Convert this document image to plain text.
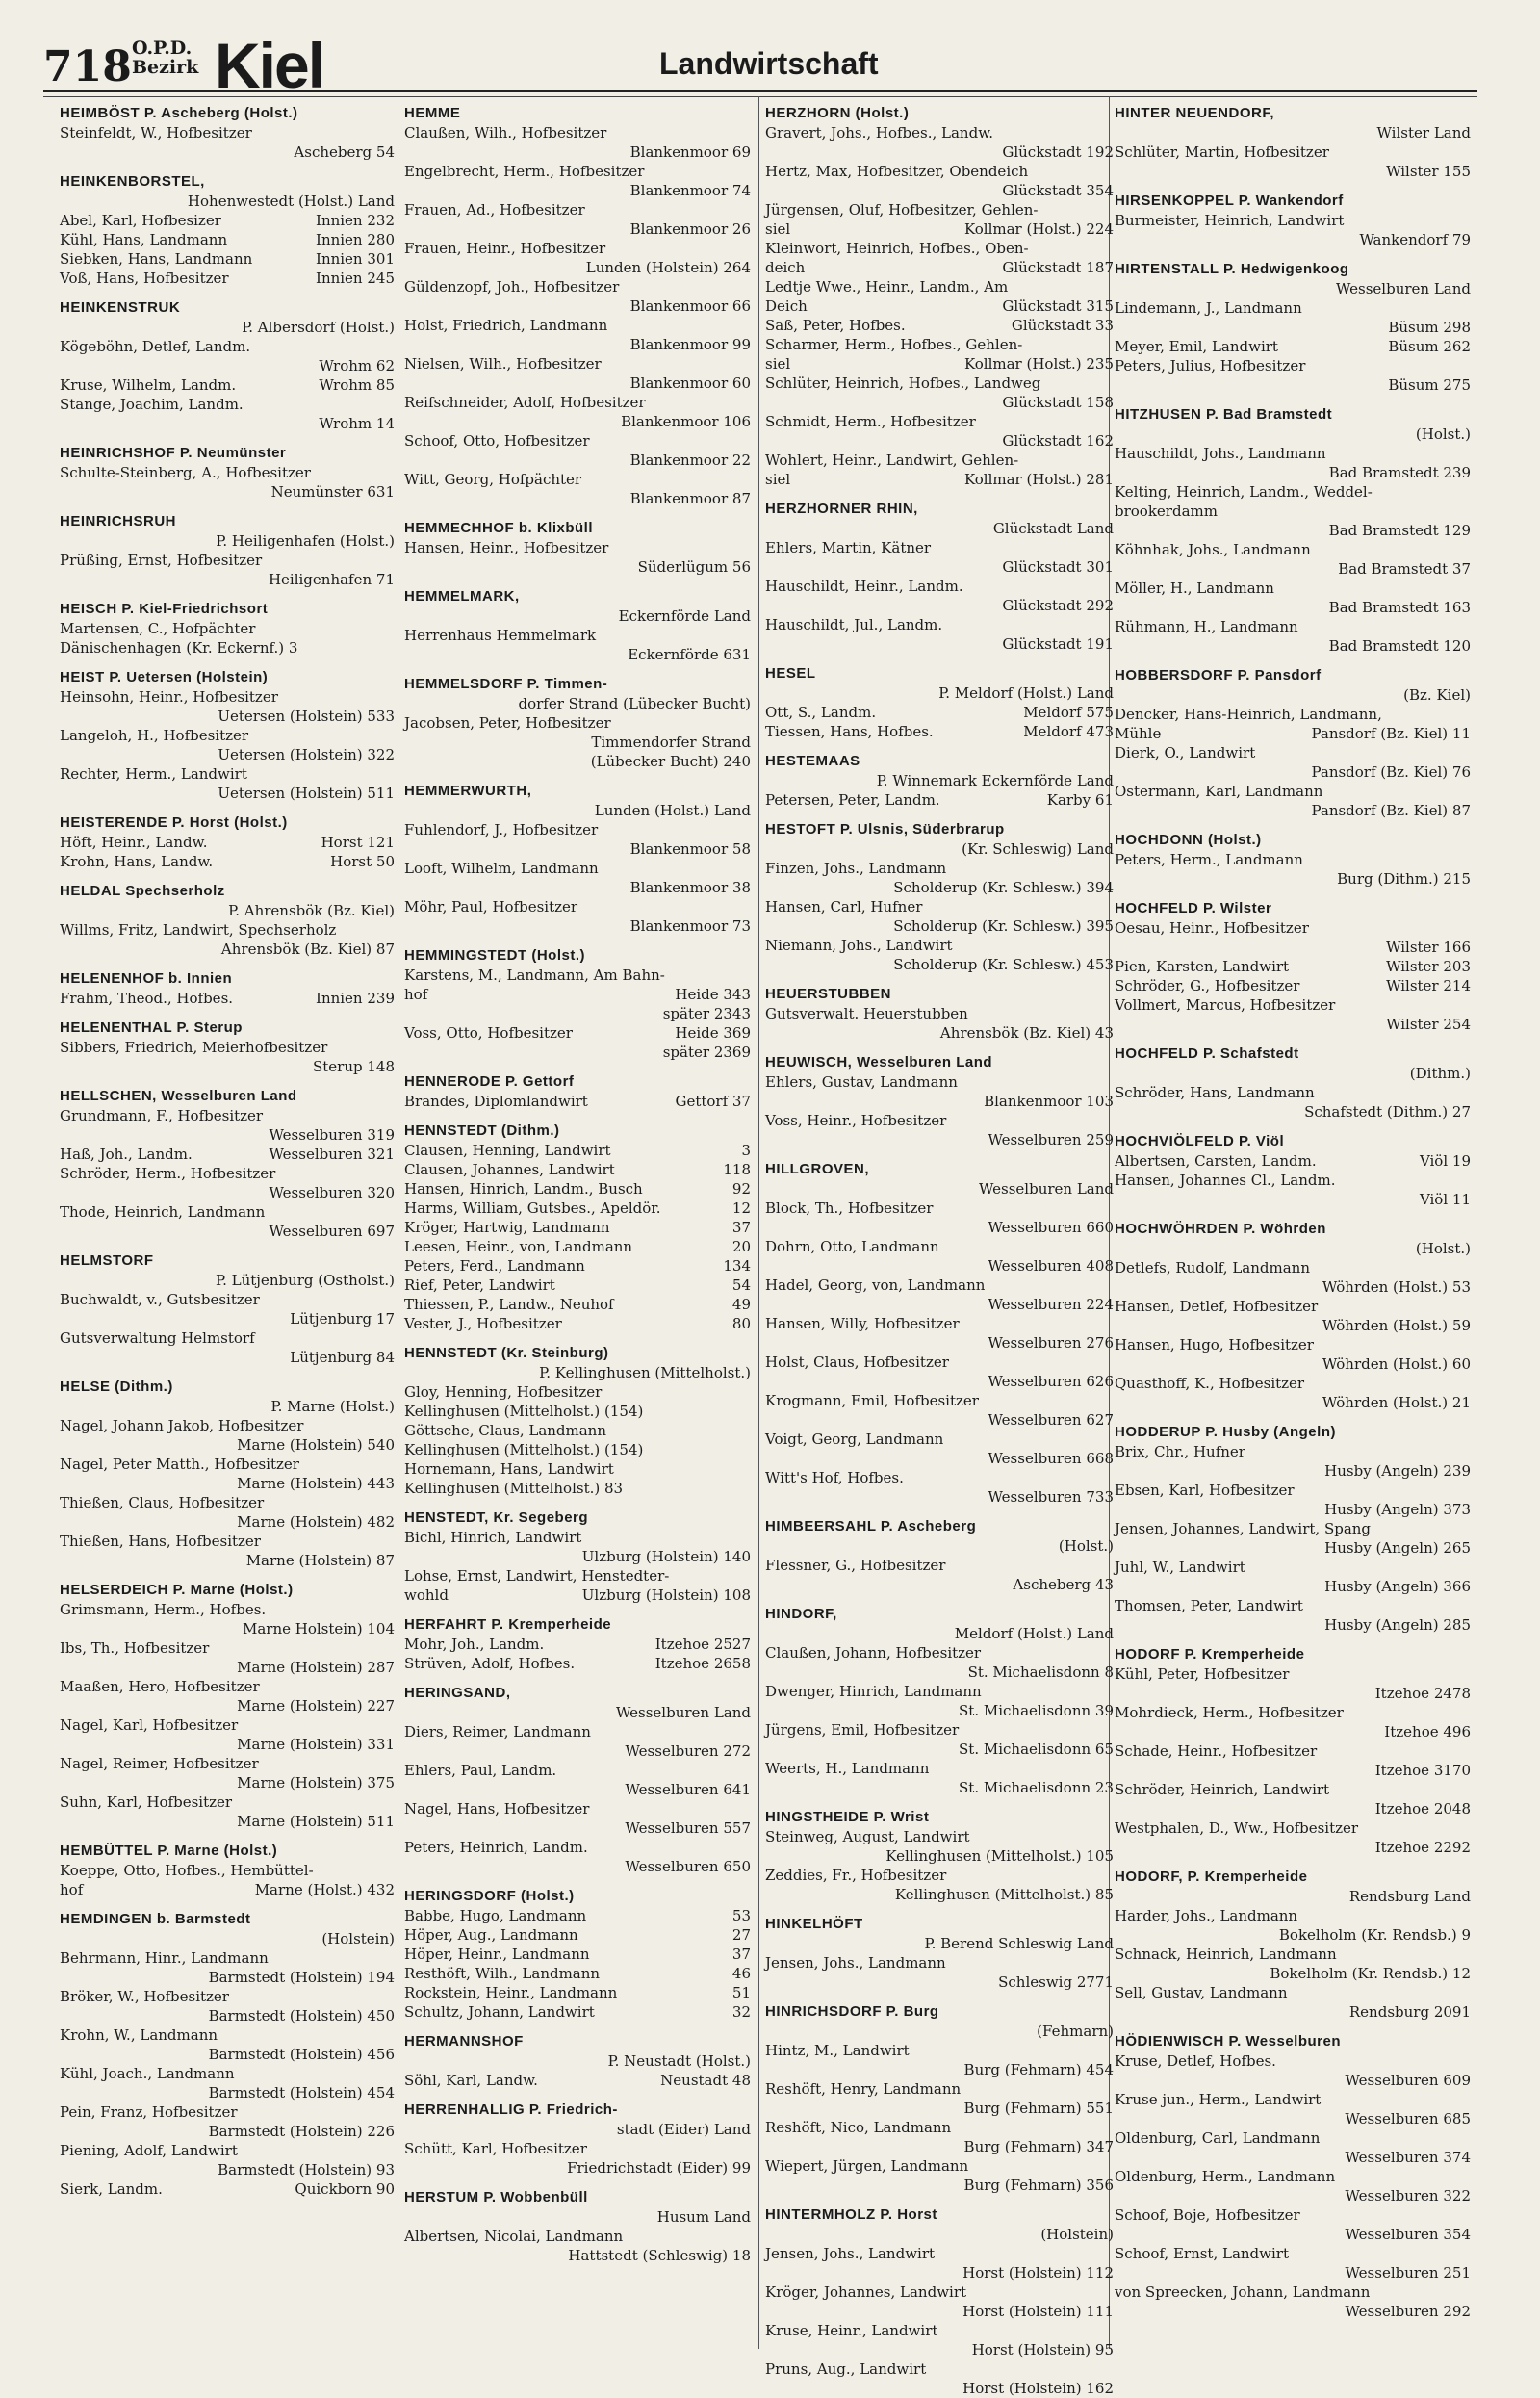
718 O.P.D. Bezirk Kiel	Landwirtschaft
HEIMBÖST P. Ascheberg (Holst.)
Steinfeldt, W., Hofbesitzer
Ascheberg 54
HEINKENBORSTEL,
Hohenwestedt (Holst.) Land
Abel, Karl, Hofbesizer	Innien 232
Kühl, Hans, Landmann	Innien 280
Siebken, Hans, Landmann	Innien 301
Voß, Hans, Hofbesitzer	Innien 245
HEINKENSTRUK
P. Albersdorf (Holst.)
Kögeböhn, Detlef, Landm.
Wrohm 62
Kruse, Wilhelm, Landm.	Wrohm 85
Stange, Joachim, Landm.
Wrohm 14
HEINRICHSHOF P. Neumünster
Schulte-Steinberg, A., Hofbesitzer
Neumünster 631
HEINRICHSRUH
P. Heiligenhafen (Holst.)
Prüßing, Ernst, Hofbesitzer
Heiligenhafen 71
HEISCH P. Kiel-Friedrichsort
Martensen, C., Hofpächter
Dänischenhagen (Kr. Eckernf.) 3
HEIST P. Uetersen (Holstein)
Heinsohn, Heinr., Hofbesitzer
Uetersen (Holstein) 533
Langeloh, H., Hofbesitzer
Uetersen (Holstein) 322
Rechter, Herm., Landwirt
Uetersen (Holstein) 511
HEISTERENDE P. Horst (Holst.)
Höft, Heinr., Landw.	Horst 121
Krohn, Hans, Landw.	Horst 50
HELDAL Spechserholz
P. Ahrensbök (Bz. Kiel)
Willms, Fritz, Landwirt, Spechserholz
Ahrensbök (Bz. Kiel) 87
HELENENHOF b. Innien
Frahm, Theod., Hofbes.	Innien 239
HELENENTHAL P. Sterup
Sibbers, Friedrich, Meierhofbesitzer
Sterup 148
HELLSCHEN, Wesselburen Land
Grundmann, F., Hofbesitzer
Wesselburen 319
Haß, Joh., Landm.	Wesselburen 321
Schröder, Herm., Hofbesitzer
Wesselburen 320
Thode, Heinrich, Landmann
Wesselburen 697
HELMSTORF
P. Lütjenburg (Ostholst.)
Buchwaldt, v., Gutsbesitzer
Lütjenburg 17
Gutsverwaltung Helmstorf
Lütjenburg 84
HELSE (Dithm.)
P. Marne (Holst.)
Nagel, Johann Jakob, Hofbesitzer
Marne (Holstein) 540
Nagel, Peter Matth., Hofbesitzer
Marne (Holstein) 443
Thießen, Claus, Hofbesitzer
Marne (Holstein) 482
Thießen, Hans, Hofbesitzer
Marne (Holstein) 87
HELSERDEICH P. Marne (Holst.)
Grimsmann, Herm., Hofbes.
Marne Holstein) 104
Ibs, Th., Hofbesitzer
Marne (Holstein) 287
Maaßen, Hero, Hofbesitzer
Marne (Holstein) 227
Nagel, Karl, Hofbesitzer
Marne (Holstein) 331
Nagel, Reimer, Hofbesitzer
Marne (Holstein) 375
Suhn, Karl, Hofbesitzer
Marne (Holstein) 511
HEMBÜTTEL P. Marne (Holst.)
Koeppe, Otto, Hofbes., Hembüttel-
hof	Marne (Holst.) 432
HEMDINGEN b. Barmstedt
(Holstein)
Behrmann, Hinr., Landmann
Barmstedt (Holstein) 194
Bröker, W., Hofbesitzer
Barmstedt (Holstein) 450
Krohn, W., Landmann
Barmstedt (Holstein) 456
Kühl, Joach., Landmann
Barmstedt (Holstein) 454
Pein, Franz, Hofbesitzer
Barmstedt (Holstein) 226
Piening, Adolf, Landwirt
Barmstedt (Holstein) 93
Sierk, Landm.	Quickborn 90
HEMME
Claußen, Wilh., Hofbesitzer
Blankenmoor 69
Engelbrecht, Herm., Hofbesitzer
Blankenmoor 74
Frauen, Ad., Hofbesitzer
Blankenmoor 26
Frauen, Heinr., Hofbesitzer
Lunden (Holstein) 264
Güldenzopf, Joh., Hofbesitzer
Blankenmoor 66
Holst, Friedrich, Landmann
Blankenmoor 99
Nielsen, Wilh., Hofbesitzer
Blankenmoor 60
Reifschneider, Adolf, Hofbesitzer
Blankenmoor 106
Schoof, Otto, Hofbesitzer
Blankenmoor 22
Witt, Georg, Hofpächter
Blankenmoor 87
HEMMECHHOF b. Klixbüll
Hansen, Heinr., Hofbesitzer
Süderlügum 56
HEMMELMARK,
Eckernförde Land
Herrenhaus Hemmelmark
Eckernförde 631
HEMMELSDORF P. Timmen-
dorfer Strand (Lübecker Bucht)
Jacobsen, Peter, Hofbesitzer
Timmendorfer Strand
(Lübecker Bucht) 240
HEMMERWURTH,
Lunden (Holst.) Land
Fuhlendorf, J., Hofbesitzer
Blankenmoor 58
Looft, Wilhelm, Landmann
Blankenmoor 38
Möhr, Paul, Hofbesitzer
Blankenmoor 73
HEMMINGSTEDT (Holst.)
Karstens, M., Landmann, Am Bahn-
hof	Heide 343
später 2343
Voss, Otto, Hofbesitzer	Heide 369
später 2369
HENNERODE P. Gettorf
Brandes, Diplomlandwirt	Gettorf 37
HENNSTEDT (Dithm.)
Clausen, Henning, Landwirt	3
Clausen, Johannes, Landwirt	118
Hansen, Hinrich, Landm., Busch	92
Harms, William, Gutsbes., Apeldör.	12
Kröger, Hartwig, Landmann	37
Leesen, Heinr., von, Landmann	20
Peters, Ferd., Landmann	134
Rief, Peter, Landwirt	54
Thiessen, P., Landw., Neuhof	49
Vester, J., Hofbesitzer	80
HENNSTEDT (Kr. Steinburg)
P. Kellinghusen (Mittelholst.)
Gloy, Henning, Hofbesitzer
Kellinghusen (Mittelholst.) (154)
Göttsche, Claus, Landmann
Kellinghusen (Mittelholst.) (154)
Hornemann, Hans, Landwirt
Kellinghusen (Mittelholst.) 83
HENSTEDT, Kr. Segeberg
Bichl, Hinrich, Landwirt
Ulzburg (Holstein) 140
Lohse, Ernst, Landwirt, Henstedter-
wohld	Ulzburg (Holstein) 108
HERFAHRT P. Kremperheide
Mohr, Joh., Landm.	Itzehoe 2527
Strüven, Adolf, Hofbes.	Itzehoe 2658
HERINGSAND,
Wesselburen Land
Diers, Reimer, Landmann
Wesselburen 272
Ehlers, Paul, Landm.
Wesselburen 641
Nagel, Hans, Hofbesitzer
Wesselburen 557
Peters, Heinrich, Landm.
Wesselburen 650
HERINGSDORF (Holst.)
Babbe, Hugo, Landmann	53
Höper, Aug., Landmann	27
Höper, Heinr., Landmann	37
Resthöft, Wilh., Landmann	46
Rockstein, Heinr., Landmann	51
Schultz, Johann, Landwirt	32
HERMANNSHOF
P. Neustadt (Holst.)
Söhl, Karl, Landw.	Neustadt 48
HERRENHALLIG P. Friedrich-
stadt (Eider) Land
Schütt, Karl, Hofbesitzer
Friedrichstadt (Eider) 99
HERSTUM P. Wobbenbüll
Husum Land
Albertsen, Nicolai, Landmann
Hattstedt (Schleswig) 18
HERZHORN (Holst.)
Gravert, Johs., Hofbes., Landw.
Glückstadt 192
Hertz, Max, Hofbesitzer, Obendeich
Glückstadt 354
Jürgensen, Oluf, Hofbesitzer, Gehlen-
siel	Kollmar (Holst.) 224
Kleinwort, Heinrich, Hofbes., Oben-
deich	Glückstadt 187
Ledtje Wwe., Heinr., Landm., Am
Deich	Glückstadt 315
Saß, Peter, Hofbes.	Glückstadt 33
Scharmer, Herm., Hofbes., Gehlen-
siel	Kollmar (Holst.) 235
Schlüter, Heinrich, Hofbes., Landweg
Glückstadt 158
Schmidt, Herm., Hofbesitzer
Glückstadt 162
Wohlert, Heinr., Landwirt, Gehlen-
siel	Kollmar (Holst.) 281
HERZHORNER RHIN,
Glückstadt Land
Ehlers, Martin, Kätner
Glückstadt 301
Hauschildt, Heinr., Landm.
Glückstadt 292
Hauschildt, Jul., Landm.
Glückstadt 191
HESEL
P. Meldorf (Holst.) Land
Ott, S., Landm.	Meldorf 575
Tiessen, Hans, Hofbes.	Meldorf 473
HESTEMAAS
P. Winnemark Eckernförde Land
Petersen, Peter, Landm.	Karby 61
HESTOFT P. Ulsnis, Süderbrarup
(Kr. Schleswig) Land
Finzen, Johs., Landmann
Scholderup (Kr. Schlesw.) 394
Hansen, Carl, Hufner
Scholderup (Kr. Schlesw.) 395
Niemann, Johs., Landwirt
Scholderup (Kr. Schlesw.) 453
HEUERSTUBBEN
Gutsverwalt. Heuerstubben
Ahrensbök (Bz. Kiel) 43
HEUWISCH, Wesselburen Land
Ehlers, Gustav, Landmann
Blankenmoor 103
Voss, Heinr., Hofbesitzer
Wesselburen 259
HILLGROVEN,
Wesselburen Land
Block, Th., Hofbesitzer
Wesselburen 660
Dohrn, Otto, Landmann
Wesselburen 408
Hadel, Georg, von, Landmann
Wesselburen 224
Hansen, Willy, Hofbesitzer
Wesselburen 276
Holst, Claus, Hofbesitzer
Wesselburen 626
Krogmann, Emil, Hofbesitzer
Wesselburen 627
Voigt, Georg, Landmann
Wesselburen 668
Witt's Hof, Hofbes.
Wesselburen 733
HIMBEERSAHL P. Ascheberg
(Holst.)
Flessner, G., Hofbesitzer
Ascheberg 43
HINDORF,
Meldorf (Holst.) Land
Claußen, Johann, Hofbesitzer
St. Michaelisdonn 8
Dwenger, Hinrich, Landmann
St. Michaelisdonn 39
Jürgens, Emil, Hofbesitzer
St. Michaelisdonn 65
Weerts, H., Landmann
St. Michaelisdonn 23
HINGSTHEIDE P. Wrist
Steinweg, August, Landwirt
Kellinghusen (Mittelholst.) 105
Zeddies, Fr., Hofbesitzer
Kellinghusen (Mittelholst.) 85
HINKELHÖFT
P. Berend Schleswig Land
Jensen, Johs., Landmann
Schleswig 2771
HINRICHSDORF P. Burg
(Fehmarn)
Hintz, M., Landwirt
Burg (Fehmarn) 454
Reshöft, Henry, Landmann
Burg (Fehmarn) 551
Reshöft, Nico, Landmann
Burg (Fehmarn) 347
Wiepert, Jürgen, Landmann
Burg (Fehmarn) 356
HINTERMHOLZ P. Horst
(Holstein)
Jensen, Johs., Landwirt
Horst (Holstein) 112
Kröger, Johannes, Landwirt
Horst (Holstein) 111
Kruse, Heinr., Landwirt
Horst (Holstein) 95
Pruns, Aug., Landwirt
Horst (Holstein) 162
HINTER NEUENDORF,
Wilster Land
Schlüter, Martin, Hofbesitzer
Wilster 155
HIRSENKOPPEL P. Wankendorf
Burmeister, Heinrich, Landwirt
Wankendorf 79
HIRTENSTALL P. Hedwigenkoog
Wesselburen Land
Lindemann, J., Landmann
Büsum 298
Meyer, Emil, Landwirt	Büsum 262
Peters, Julius, Hofbesitzer
Büsum 275
HITZHUSEN P. Bad Bramstedt
(Holst.)
Hauschildt, Johs., Landmann
Bad Bramstedt 239
Kelting, Heinrich, Landm., Weddel-
brookerdamm
Bad Bramstedt 129
Köhnhak, Johs., Landmann
Bad Bramstedt 37
Möller, H., Landmann
Bad Bramstedt 163
Rühmann, H., Landmann
Bad Bramstedt 120
HOBBERSDORF P. Pansdorf
(Bz. Kiel)
Dencker, Hans-Heinrich, Landmann,
Mühle	Pansdorf (Bz. Kiel) 11
Dierk, O., Landwirt
Pansdorf (Bz. Kiel) 76
Ostermann, Karl, Landmann
Pansdorf (Bz. Kiel) 87
HOCHDONN (Holst.)
Peters, Herm., Landmann
Burg (Dithm.) 215
HOCHFELD P. Wilster
Oesau, Heinr., Hofbesitzer
Wilster 166
Pien, Karsten, Landwirt	Wilster 203
Schröder, G., Hofbesitzer	Wilster 214
Vollmert, Marcus, Hofbesitzer
Wilster 254
HOCHFELD P. Schafstedt
(Dithm.)
Schröder, Hans, Landmann
Schafstedt (Dithm.) 27
HOCHVIÖLFELD P. Viöl
Albertsen, Carsten, Landm.	Viöl 19
Hansen, Johannes Cl., Landm.
Viöl 11
HOCHWÖHRDEN P. Wöhrden
(Holst.)
Detlefs, Rudolf, Landmann
Wöhrden (Holst.) 53
Hansen, Detlef, Hofbesitzer
Wöhrden (Holst.) 59
Hansen, Hugo, Hofbesitzer
Wöhrden (Holst.) 60
Quasthoff, K., Hofbesitzer
Wöhrden (Holst.) 21
HODDERUP P. Husby (Angeln)
Brix, Chr., Hufner
Husby (Angeln) 239
Ebsen, Karl, Hofbesitzer
Husby (Angeln) 373
Jensen, Johannes, Landwirt, Spang
Husby (Angeln) 265
Juhl, W., Landwirt
Husby (Angeln) 366
Thomsen, Peter, Landwirt
Husby (Angeln) 285
HODORF P. Kremperheide
Kühl, Peter, Hofbesitzer
Itzehoe 2478
Mohrdieck, Herm., Hofbesitzer
Itzehoe 496
Schade, Heinr., Hofbesitzer
Itzehoe 3170
Schröder, Heinrich, Landwirt
Itzehoe 2048
Westphalen, D., Ww., Hofbesitzer
Itzehoe 2292
HODORF, P. Kremperheide
Rendsburg Land
Harder, Johs., Landmann
Bokelholm (Kr. Rendsb.) 9
Schnack, Heinrich, Landmann
Bokelholm (Kr. Rendsb.) 12
Sell, Gustav, Landmann
Rendsburg 2091
HÖDIENWISCH P. Wesselburen
Kruse, Detlef, Hofbes.
Wesselburen 609
Kruse jun., Herm., Landwirt
Wesselburen 685
Oldenburg, Carl, Landmann
Wesselburen 374
Oldenburg, Herm., Landmann
Wesselburen 322
Schoof, Boje, Hofbesitzer
Wesselburen 354
Schoof, Ernst, Landwirt
Wesselburen 251
von Spreecken, Johann, Landmann
Wesselburen 292
